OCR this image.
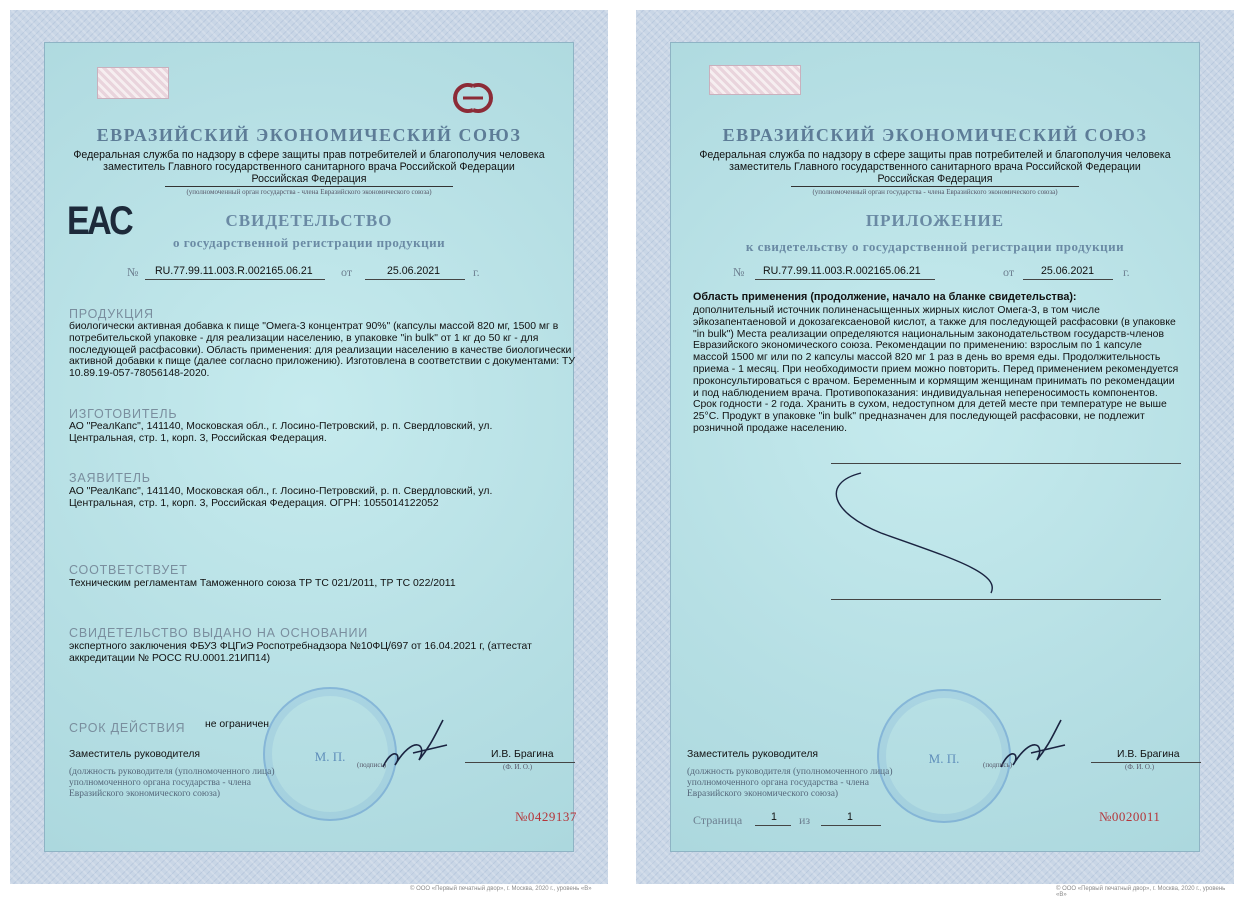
ЕВРАЗИЙСКИЙ ЭКОНОМИЧЕСКИЙ СОЮЗ
Федеральная служба по надзору в сфере защиты прав потребителей и благополучия человека
заместитель Главного государственного санитарного врача Российской Федерации
Российская Федерация
(уполномоченный орган государства - члена Евразийского экономического союза)
EAC	СВИДЕТЕЛЬСТВО
о государственной регистрации продукции
№ RU.77.99.11.003.R.002165.06.21 от	25.06.2021	г.
ПРОДУКЦИЯ
биологически активная добавка к пище "Омега-3 концентрат 90%" (капсулы массой 820 мг, 1500 мг в потребительской упаковке - для реализации населению, в упаковке "in bulk" от 1 кг до 50 кг - для последующей расфасовки). Область применения: для реализации населению в качестве биологически активной добавки к пище (далее согласно приложению). Изготовлена в соответствии с документами: ТУ 10.89.19-057-78056148-2020.
ИЗГОТОВИТЕЛЬ
АО "РеалКапс", 141140, Московская обл., г. Лосино-Петровский, р. п. Свердловский, ул. Центральная, стр. 1, корп. 3, Российская Федерация.
ЗАЯВИТЕЛЬ
АО "РеалКапс", 141140, Московская обл., г. Лосино-Петровский, р. п. Свердловский, ул. Центральная, стр. 1, корп. 3, Российская Федерация. ОГРН: 1055014122052
СООТВЕТСТВУЕТ
Техническим регламентам Таможенного союза ТР ТС 021/2011, ТР ТС 022/2011
СВИДЕТЕЛЬСТВО ВЫДАНО НА ОСНОВАНИИ
экспертного заключения ФБУЗ ФЦГиЭ Роспотребнадзора №10ФЦ/697 от 16.04.2021 г, (аттестат аккредитации № РОСС RU.0001.21ИП14)
СРОК ДЕЙСТВИЯ не ограничен
М. П.
Заместитель руководителя
(подпись)
И.В. Брагина
(Ф. И. О.)
(должность руководителя (уполномоченного лица) уполномоченного органа государства - члена Евразийского экономического союза)
№0429137
© ООО «Первый печатный двор», г. Москва, 2020 г., уровень «В»
ЕВРАЗИЙСКИЙ ЭКОНОМИЧЕСКИЙ СОЮЗ
Федеральная служба по надзору в сфере защиты прав потребителей и благополучия человека
заместитель Главного государственного санитарного врача Российской Федерации
Российская Федерация
(уполномоченный орган государства - члена Евразийского экономического союза)
ПРИЛОЖЕНИЕ
к свидетельству о государственной регистрации продукции
№ RU.77.99.11.003.R.002165.06.21	от	25.06.2021 г.
Область применения (продолжение, начало на бланке свидетельства):
дополнительный источник полиненасыщенных жирных кислот Омега-3, в том числе эйкозапентаеновой и докозагексаеновой кислот, а также для последующей расфасовки (в упаковке "in bulk") Места реализации определяются национальным законодательством государств-членов Евразийского экономического союза. Рекомендации по применению: взрослым по 1 капсуле массой 1500 мг или по 2 капсулы массой 820 мг 1 раз в день во время еды. Продолжительность приема - 1 месяц. При необходимости прием можно повторить. Перед применением рекомендуется проконсультироваться с врачом. Беременным и кормящим женщинам принимать по рекомендации и под наблюдением врача. Противопоказания: индивидуальная непереносимость компонентов. Срок годности - 2 года. Хранить в сухом, недоступном для детей месте при температуре не выше 25°С. Продукт в упаковке "in bulk" предназначен для последующей расфасовки, не подлежит розничной продаже населению.
М. П.
Заместитель руководителя
(подпись)
И.В. Брагина
(Ф. И. О.)
(должность руководителя (уполномоченного лица) уполномоченного органа государства - члена Евразийского экономического союза)
Страница	1 из	1	№0020011
© ООО «Первый печатный двор», г. Москва, 2020 г., уровень «В»
